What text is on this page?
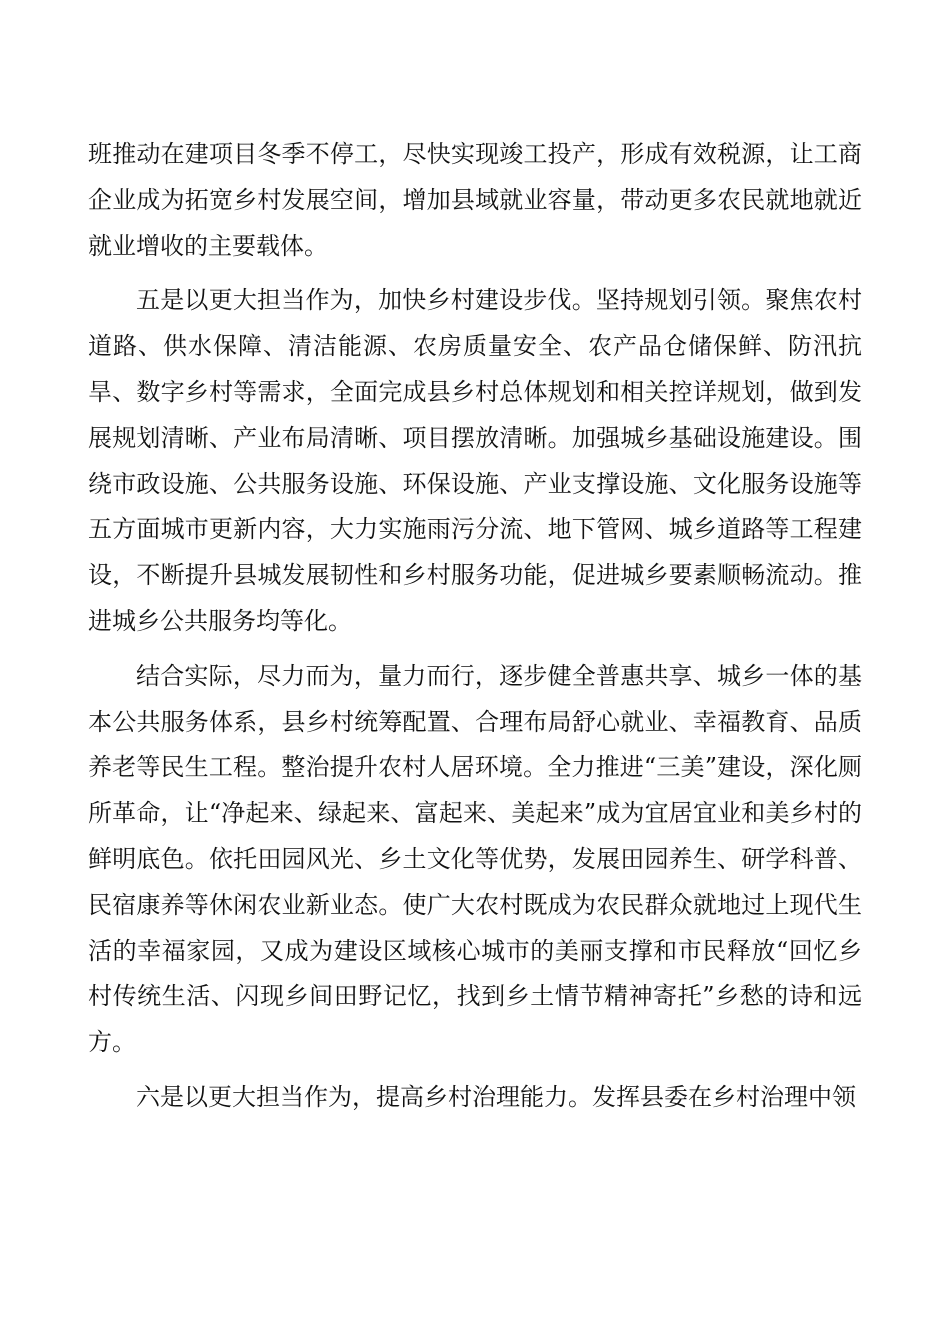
班推动在建项目冬季不停工，尽快实现竣工投产，形成有效税源，让工商企业成为拓宽乡村发展空间，增加县域就业容量，带动更多农民就地就近就业增收的主要载体。

五是以更大担当作为，加快乡村建设步伐。坚持规划引领。聚焦农村道路、供水保障、清洁能源、农房质量安全、农产品仓储保鲜、防汛抗旱、数字乡村等需求，全面完成县乡村总体规划和相关控详规划，做到发展规划清晰、产业布局清晰、项目摆放清晰。加强城乡基础设施建设。围绕市政设施、公共服务设施、环保设施、产业支撑设施、文化服务设施等五方面城市更新内容，大力实施雨污分流、地下管网、城乡道路等工程建设，不断提升县城发展韧性和乡村服务功能，促进城乡要素顺畅流动。推进城乡公共服务均等化。

结合实际，尽力而为，量力而行，逐步健全普惠共享、城乡一体的基本公共服务体系，县乡村统筹配置、合理布局舒心就业、幸福教育、品质养老等民生工程。整治提升农村人居环境。全力推进“三美”建设，深化厕所革命，让“净起来、绿起来、富起来、美起来”成为宜居宜业和美乡村的鲜明底色。依托田园风光、乡土文化等优势，发展田园养生、研学科普、民宿康养等休闲农业新业态。使广大农村既成为农民群众就地过上现代生活的幸福家园，又成为建设区域核心城市的美丽支撑和市民释放“回忆乡村传统生活、闪现乡间田野记忆，找到乡土情节精神寄托”乡愁的诗和远方。

六是以更大担当作为，提高乡村治理能力。发挥县委在乡村治理中领
